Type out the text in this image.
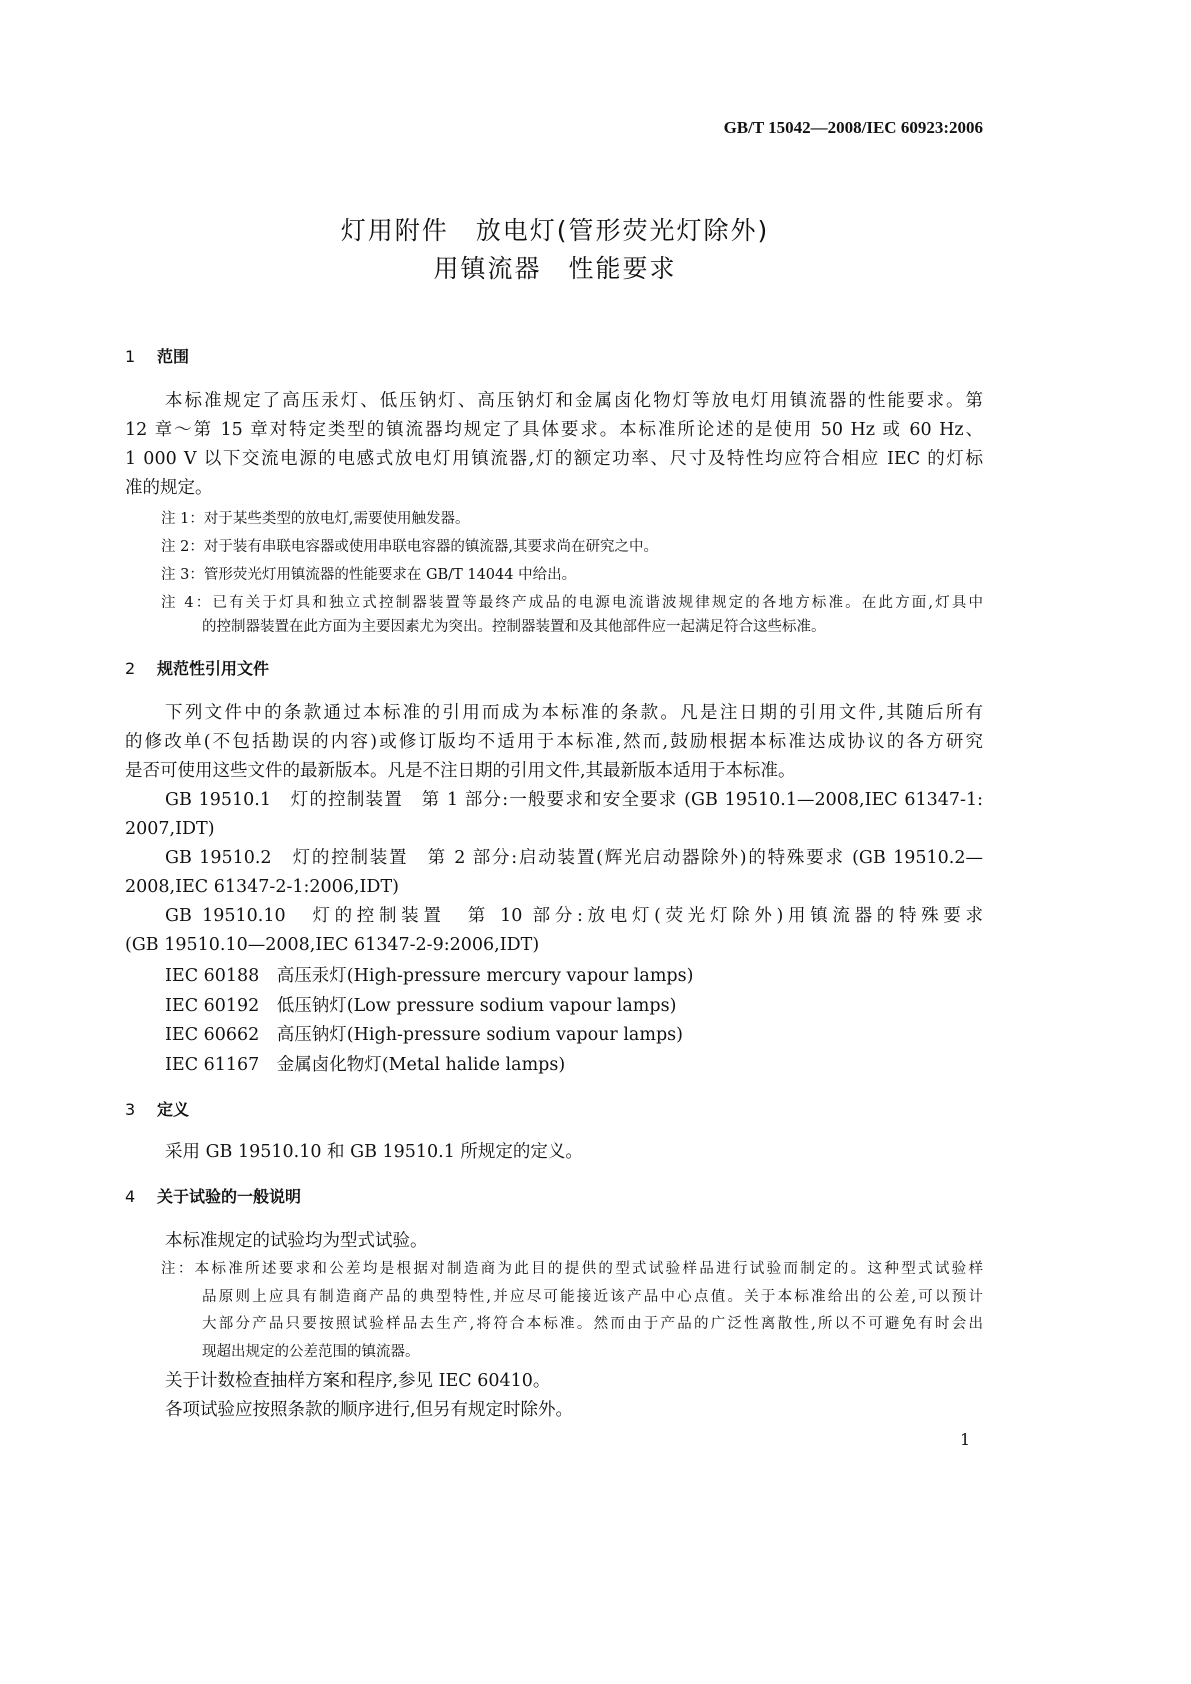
GB/T 15042—2008/IEC 60923:2006
灯用附件　放电灯(管形荧光灯除外)
用镇流器　性能要求
1 范围
本标准规定了高压汞灯、低压钠灯、高压钠灯和金属卤化物灯等放电灯用镇流器的性能要求。第
12 章～第 15 章对特定类型的镇流器均规定了具体要求。本标准所论述的是使用 50 Hz 或 60 Hz、
1 000 V 以下交流电源的电感式放电灯用镇流器,灯的额定功率、尺寸及特性均应符合相应 IEC 的灯标
准的规定。
注 1：对于某些类型的放电灯,需要使用触发器。
注 2：对于装有串联电容器或使用串联电容器的镇流器,其要求尚在研究之中。
注 3：管形荧光灯用镇流器的性能要求在 GB/T 14044 中给出。
注 4：已有关于灯具和独立式控制器装置等最终产成品的电源电流谐波规律规定的各地方标准。在此方面,灯具中
的控制器装置在此方面为主要因素尤为突出。控制器装置和及其他部件应一起满足符合这些标准。
2 规范性引用文件
下列文件中的条款通过本标准的引用而成为本标准的条款。凡是注日期的引用文件,其随后所有
的修改单(不包括勘误的内容)或修订版均不适用于本标准,然而,鼓励根据本标准达成协议的各方研究
是否可使用这些文件的最新版本。凡是不注日期的引用文件,其最新版本适用于本标准。
GB 19510.1　灯的控制装置　第 1 部分:一般要求和安全要求 (GB 19510.1—2008,IEC 61347-1:
2007,IDT)
GB 19510.2　灯的控制装置　第 2 部分:启动装置(辉光启动器除外)的特殊要求 (GB 19510.2—
2008,IEC 61347-2-1:2006,IDT)
GB 19510.10　灯的控制装置　第 10 部分:放电灯(荧光灯除外)用镇流器的特殊要求
(GB 19510.10—2008,IEC 61347-2-9:2006,IDT)
IEC 60188　高压汞灯(High-pressure mercury vapour lamps)
IEC 60192　低压钠灯(Low pressure sodium vapour lamps)
IEC 60662　高压钠灯(High-pressure sodium vapour lamps)
IEC 61167　金属卤化物灯(Metal halide lamps)
3 定义
采用 GB 19510.10 和 GB 19510.1 所规定的定义。
4 关于试验的一般说明
本标准规定的试验均为型式试验。
注：本标准所述要求和公差均是根据对制造商为此目的提供的型式试验样品进行试验而制定的。这种型式试验样
品原则上应具有制造商产品的典型特性,并应尽可能接近该产品中心点值。关于本标准给出的公差,可以预计
大部分产品只要按照试验样品去生产,将符合本标准。然而由于产品的广泛性离散性,所以不可避免有时会出
现超出规定的公差范围的镇流器。
关于计数检查抽样方案和程序,参见 IEC 60410。
各项试验应按照条款的顺序进行,但另有规定时除外。
1
